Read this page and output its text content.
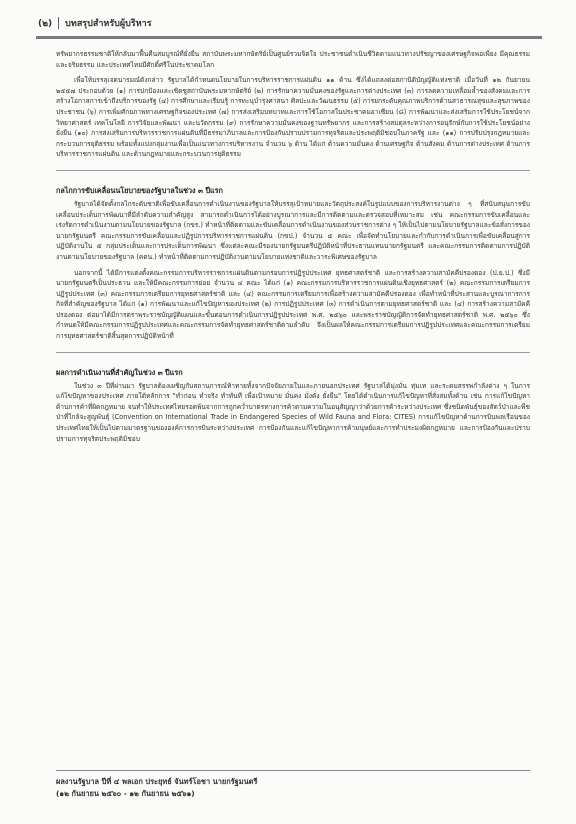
(๒) บทสรุปสำหรับผู้บริหาร

ทรัพยากรธรรมชาติให้กลับมาฟื้นคืนสมบูรณ์ที่ยั่งยืน สถาบันพระมหากษัตริย์เป็นศูนย์รวมจิตใจ ประชาชนดำเนินชีวิตตามแนวทางปรัชญาของเศรษฐกิจพอเพียง มีคุณธรรมและจริยธรรม และประเทศไทยมีศักดิ์ศรีในประชาคมโลก

เพื่อให้บรรลุเจตนารมณ์ดังกล่าว รัฐบาลได้กำหนดนโยบายในการบริหารราชการแผ่นดิน ๑๑ ด้าน ซึ่งได้แถลงต่อสภานิติบัญญัติแห่งชาติ เมื่อวันที่ ๑๒ กันยายน ๒๕๕๗ ประกอบด้วย (๑) การปกป้องและเชิดชูสถาบันพระมหากษัตริย์ (๒) การรักษาความมั่นคงของรัฐและการต่างประเทศ (๓) การลดความเหลื่อมล้ำของสังคมและการสร้างโอกาสการเข้าถึงบริการของรัฐ (๔) การศึกษาและเรียนรู้ การทะนุบำรุงศาสนา ศิลปะและวัฒนธรรม (๕) การยกระดับคุณภาพบริการด้านสาธารณสุขและสุขภาพของประชาชน (๖) การเพิ่มศักยภาพทางเศรษฐกิจของประเทศ (๗) การส่งเสริมบทบาทและการใช้โอกาสในประชาคมอาเซียน (๘) การพัฒนาและส่งเสริมการใช้ประโยชน์จากวิทยาศาสตร์ เทคโนโลยี การวิจัยและพัฒนา และนวัตกรรม (๙) การรักษาความมั่นคงของฐานทรัพยากร และการสร้างสมดุลระหว่างการอนุรักษ์กับการใช้ประโยชน์อย่างยั่งยืน (๑๐) การส่งเสริมการบริหารราชการแผ่นดินที่มีธรรมาภิบาลและการป้องกันปราบปรามการทุจริตและประพฤติมิชอบในภาครัฐ และ (๑๑) การปรับปรุงกฎหมายและกระบวนการยุติธรรม พร้อมทั้งแบ่งกลุ่มงานเพื่อเป็นแนวทางการบริหารงาน จำนวน ๖ ด้าน ได้แก่ ด้านความมั่นคง ด้านเศรษฐกิจ ด้านสังคม ด้านการต่างประเทศ ด้านการบริหารราชการแผ่นดิน และด้านกฎหมายและกระบวนการยุติธรรม

กลไกการขับเคลื่อนนโยบายของรัฐบาลในช่วง ๓ ปีแรก

รัฐบาลได้จัดตั้งกลไกระดับชาติเพื่อขับเคลื่อนการดำเนินงานของรัฐบาลให้บรรลุเป้าหมายและวัตถุประสงค์ในรูปแบบของการบริหารงานต่าง ๆ ที่สนับสนุนการขับเคลื่อนประเด็นการพัฒนาที่มีลำดับความสำคัญสูง สามารถดำเนินการได้อย่างบูรณาการและมีการติดตามและตรวจสอบที่เหมาะสม เช่น คณะกรรมการขับเคลื่อนและเร่งรัดการดำเนินงานตามนโยบายของรัฐบาล (กขร.) ทำหน้าที่ติดตามและขับเคลื่อนการดำเนินงานของส่วนราชการต่าง ๆ ให้เป็นไปตามนโยบายรัฐบาลและข้อสั่งการของนายกรัฐมนตรี คณะกรรมการขับเคลื่อนและปฏิรูปการบริหารราชการแผ่นดิน (กขป.) จำนวน ๕ คณะ เพื่อจัดทำนโยบายและกำกับการดำเนินการเพื่อขับเคลื่อนสู่การปฏิบัติงานใน ๕ กลุ่มประเด็นและการประเด็นการพัฒนา ซึ่งแต่ละคณะมีรองนายกรัฐมนตรีปฏิบัติหน้าที่ประธานแทนนายกรัฐมนตรี และคณะกรรมการติดตามการปฏิบัติงานตามนโยบายของรัฐบาล (คตน.) ทำหน้าที่ติดตามการปฏิบัติงานตามนโยบายแห่งชาติและวาระพิเศษของรัฐบาล

นอกจากนี้ ได้มีการแต่งตั้งคณะกรรมการบริหารราชการแผ่นดินตามกรอบการปฏิรูปประเทศ ยุทธศาสตร์ชาติ และการสร้างความสามัคคีปรองดอง (ป.ย.ป.) ซึ่งมีนายกรัฐมนตรีเป็นประธาน และให้มีคณะกรรมการย่อย จำนวน ๔ คณะ ได้แก่ (๑) คณะกรรมการบริหารราชการแผ่นดินเชิงยุทธศาสตร์ (๒) คณะกรรมการเตรียมการปฏิรูปประเทศ (๓) คณะกรรมการเตรียมการยุทธศาสตร์ชาติ และ (๔) คณะกรรมการเตรียมการเพื่อสร้างความสามัคคีปรองดอง เพื่อทำหน้าที่ประสานและบูรณาการการกิจที่สำคัญของรัฐบาล ได้แก่ (๑) การพัฒนาและแก้ไขปัญหาของประเทศ (๒) การปฏิรูปประเทศ (๓) การดำเนินการตามยุทธศาสตร์ชาติ และ (๔) การสร้างความสามัคคีปรองดอง ต่อมาได้มีการตราพระราชบัญญัติแผนและขั้นตอนการดำเนินการปฏิรูปประเทศ พ.ศ. ๒๕๖๐ และพระราชบัญญัติการจัดทำยุทธศาสตร์ชาติ พ.ศ. ๒๕๖๐ ซึ่งกำหนดให้มีคณะกรรมการปฏิรูปประเทศและคณะกรรมการจัดทำยุทธศาสตร์ชาติตามลำดับ จึงเป็นผลให้คณะกรรมการเตรียมการปฏิรูปประเทศและคณะกรรมการเตรียมการยุทธศาสตร์ชาติสิ้นสุดการปฏิบัติหน้าที่

ผลการดำเนินงานที่สำคัญในช่วง ๓ ปีแรก

ในช่วง ๓ ปีที่ผ่านมา รัฐบาลต้องเผชิญกับสถานการณ์ท้าทายทั้งจากปัจจัยภายในและภายนอกประเทศ รัฐบาลได้มุ่งมั่น ทุ่มเท และระดมสรรพกำลังต่าง ๆ ในการแก้ไขปัญหาของประเทศ ภายใต้หลักการ "ทำก่อน ทำจริง ทำทันที เพื่อเป้าหมาย มั่นคง มั่งคั่ง ยั่งยืน" โดยได้ดำเนินการแก้ไขปัญหาที่สั่งสมทั้งด้าน เช่น การแก้ไขปัญหาด้านการค้าที่ผิดกฎหมาย จนทำให้ประเทศไทยรอดพ้นจากการถูกคว่ำบาตรทางการค้าตามความในอนุสัญญาว่าด้วยการค้าระหว่างประเทศ ซึ่งชนิดพันธุ์ของสัตว์ป่าและพืชป่าที่ใกล้จะสูญพันธุ์ (Convention on International Trade in Endangered Species of Wild Fauna and Flora: CITES) การแก้ไขปัญหาด้านการบินพลเรือนของประเทศไทยให้เป็นไปตามมาตรฐานขององค์การการบินระหว่างประเทศ การป้องกันและแก้ไขปัญหาการค้ามนุษย์และการทำประมงผิดกฎหมาย และการป้องกันและปราบปรามการทุจริตประพฤติมิชอบ

ผลงานรัฐบาล ปีที่ ๔ พลเอก ประยุทธ์ จันทร์โอชา นายกรัฐมนตรี
(๑๒ กันยายน ๒๕๖๐ - ๑๒ กันยายน ๒๕๖๑)
